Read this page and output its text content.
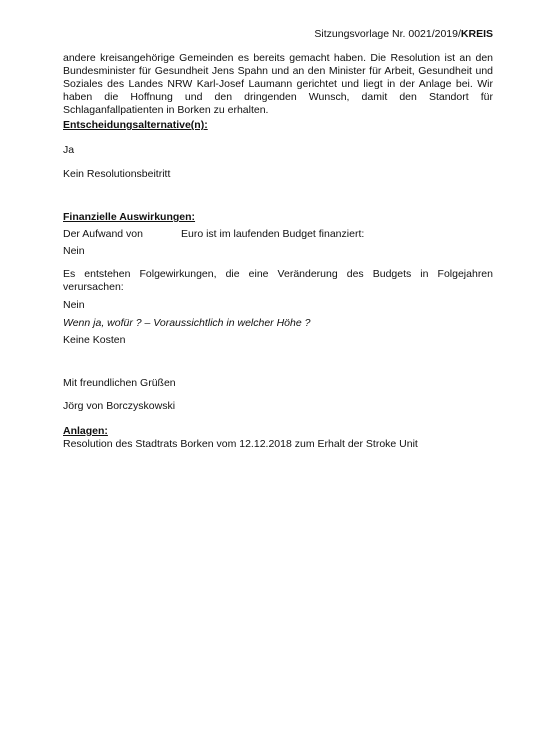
Sitzungsvorlage Nr. 0021/2019/KREIS

andere kreisangehörige Gemeinden es bereits gemacht haben. Die Resolution ist an den Bundesminister für Gesundheit Jens Spahn und an den Minister für Arbeit, Gesundheit und Soziales des Landes NRW Karl-Josef Laumann gerichtet und liegt in der Anlage bei. Wir haben die Hoffnung und den dringenden Wunsch, damit den Standort für Schlaganfallpatienten in Borken zu erhalten.

Entscheidungsalternative(n):

Ja

Kein Resolutionsbeitritt

Finanzielle Auswirkungen:

Der Aufwand von	Euro ist im laufenden Budget finanziert:

Nein

Es entstehen Folgewirkungen, die eine Veränderung des Budgets in Folgejahren verursachen:

Nein

Wenn ja, wofür ? – Voraussichtlich in welcher Höhe ?

Keine Kosten

Mit freundlichen Grüßen

Jörg von Borczyskowski

Anlagen:

Resolution des Stadtrats Borken vom 12.12.2018 zum Erhalt der Stroke Unit
